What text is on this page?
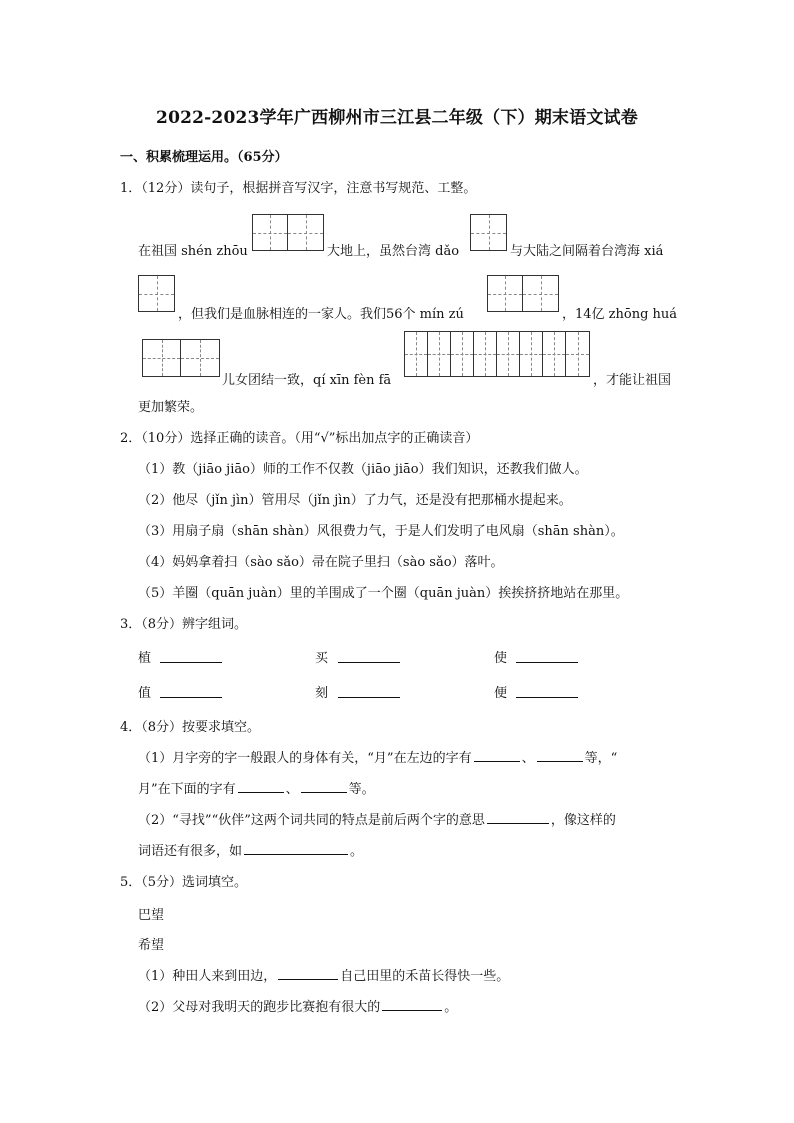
2022-2023学年广西柳州市三江县二年级（下）期末语文试卷
一、积累梳理运用。（65分）
1．（12分）读句子，根据拼音写汉字，注意书写规范、工整。
在祖国 shén zhōu	大地上，虽然台湾 dǎo	与大陆之间隔着台湾海 xiá
，但我们是血脉相连的一家人。我们56个 mín zú	，14亿 zhōng huá
儿女团结一致，qí xīn fèn fā	，才能让祖国
更加繁荣。
2．（10分）选择正确的读音。（用“√”标出加点字的正确读音）
（1）教（jiāo jiāo）师的工作不仅教（jiāo jiāo）我们知识，还教我们做人。
（2）他尽（jǐn jìn）管用尽（jǐn jìn）了力气，还是没有把那桶水提起来。
（3）用扇子扇（shān shàn）风很费力气，于是人们发明了电风扇（shān shàn）。
（4）妈妈拿着扫（sào sǎo）帚在院子里扫（sào sǎo）落叶。
（5）羊圈（quān juàn）里的羊围成了一个圈（quān juàn）挨挨挤挤地站在那里。
3．（8分）辨字组词。
植	买	使
值	刻	便
4．（8分）按要求填空。
（1）月字旁的字一般跟人的身体有关，“月”在左边的字有	、	等，“
月”在下面的字有	、	等。
（2）“寻找”“伙伴”这两个词共同的特点是前后两个字的意思	，像这样的
词语还有很多，如	。
5．（5分）选词填空。
巴望
希望
（1）种田人来到田边，	自己田里的禾苗长得快一些。
（2）父母对我明天的跑步比赛抱有很大的	。
